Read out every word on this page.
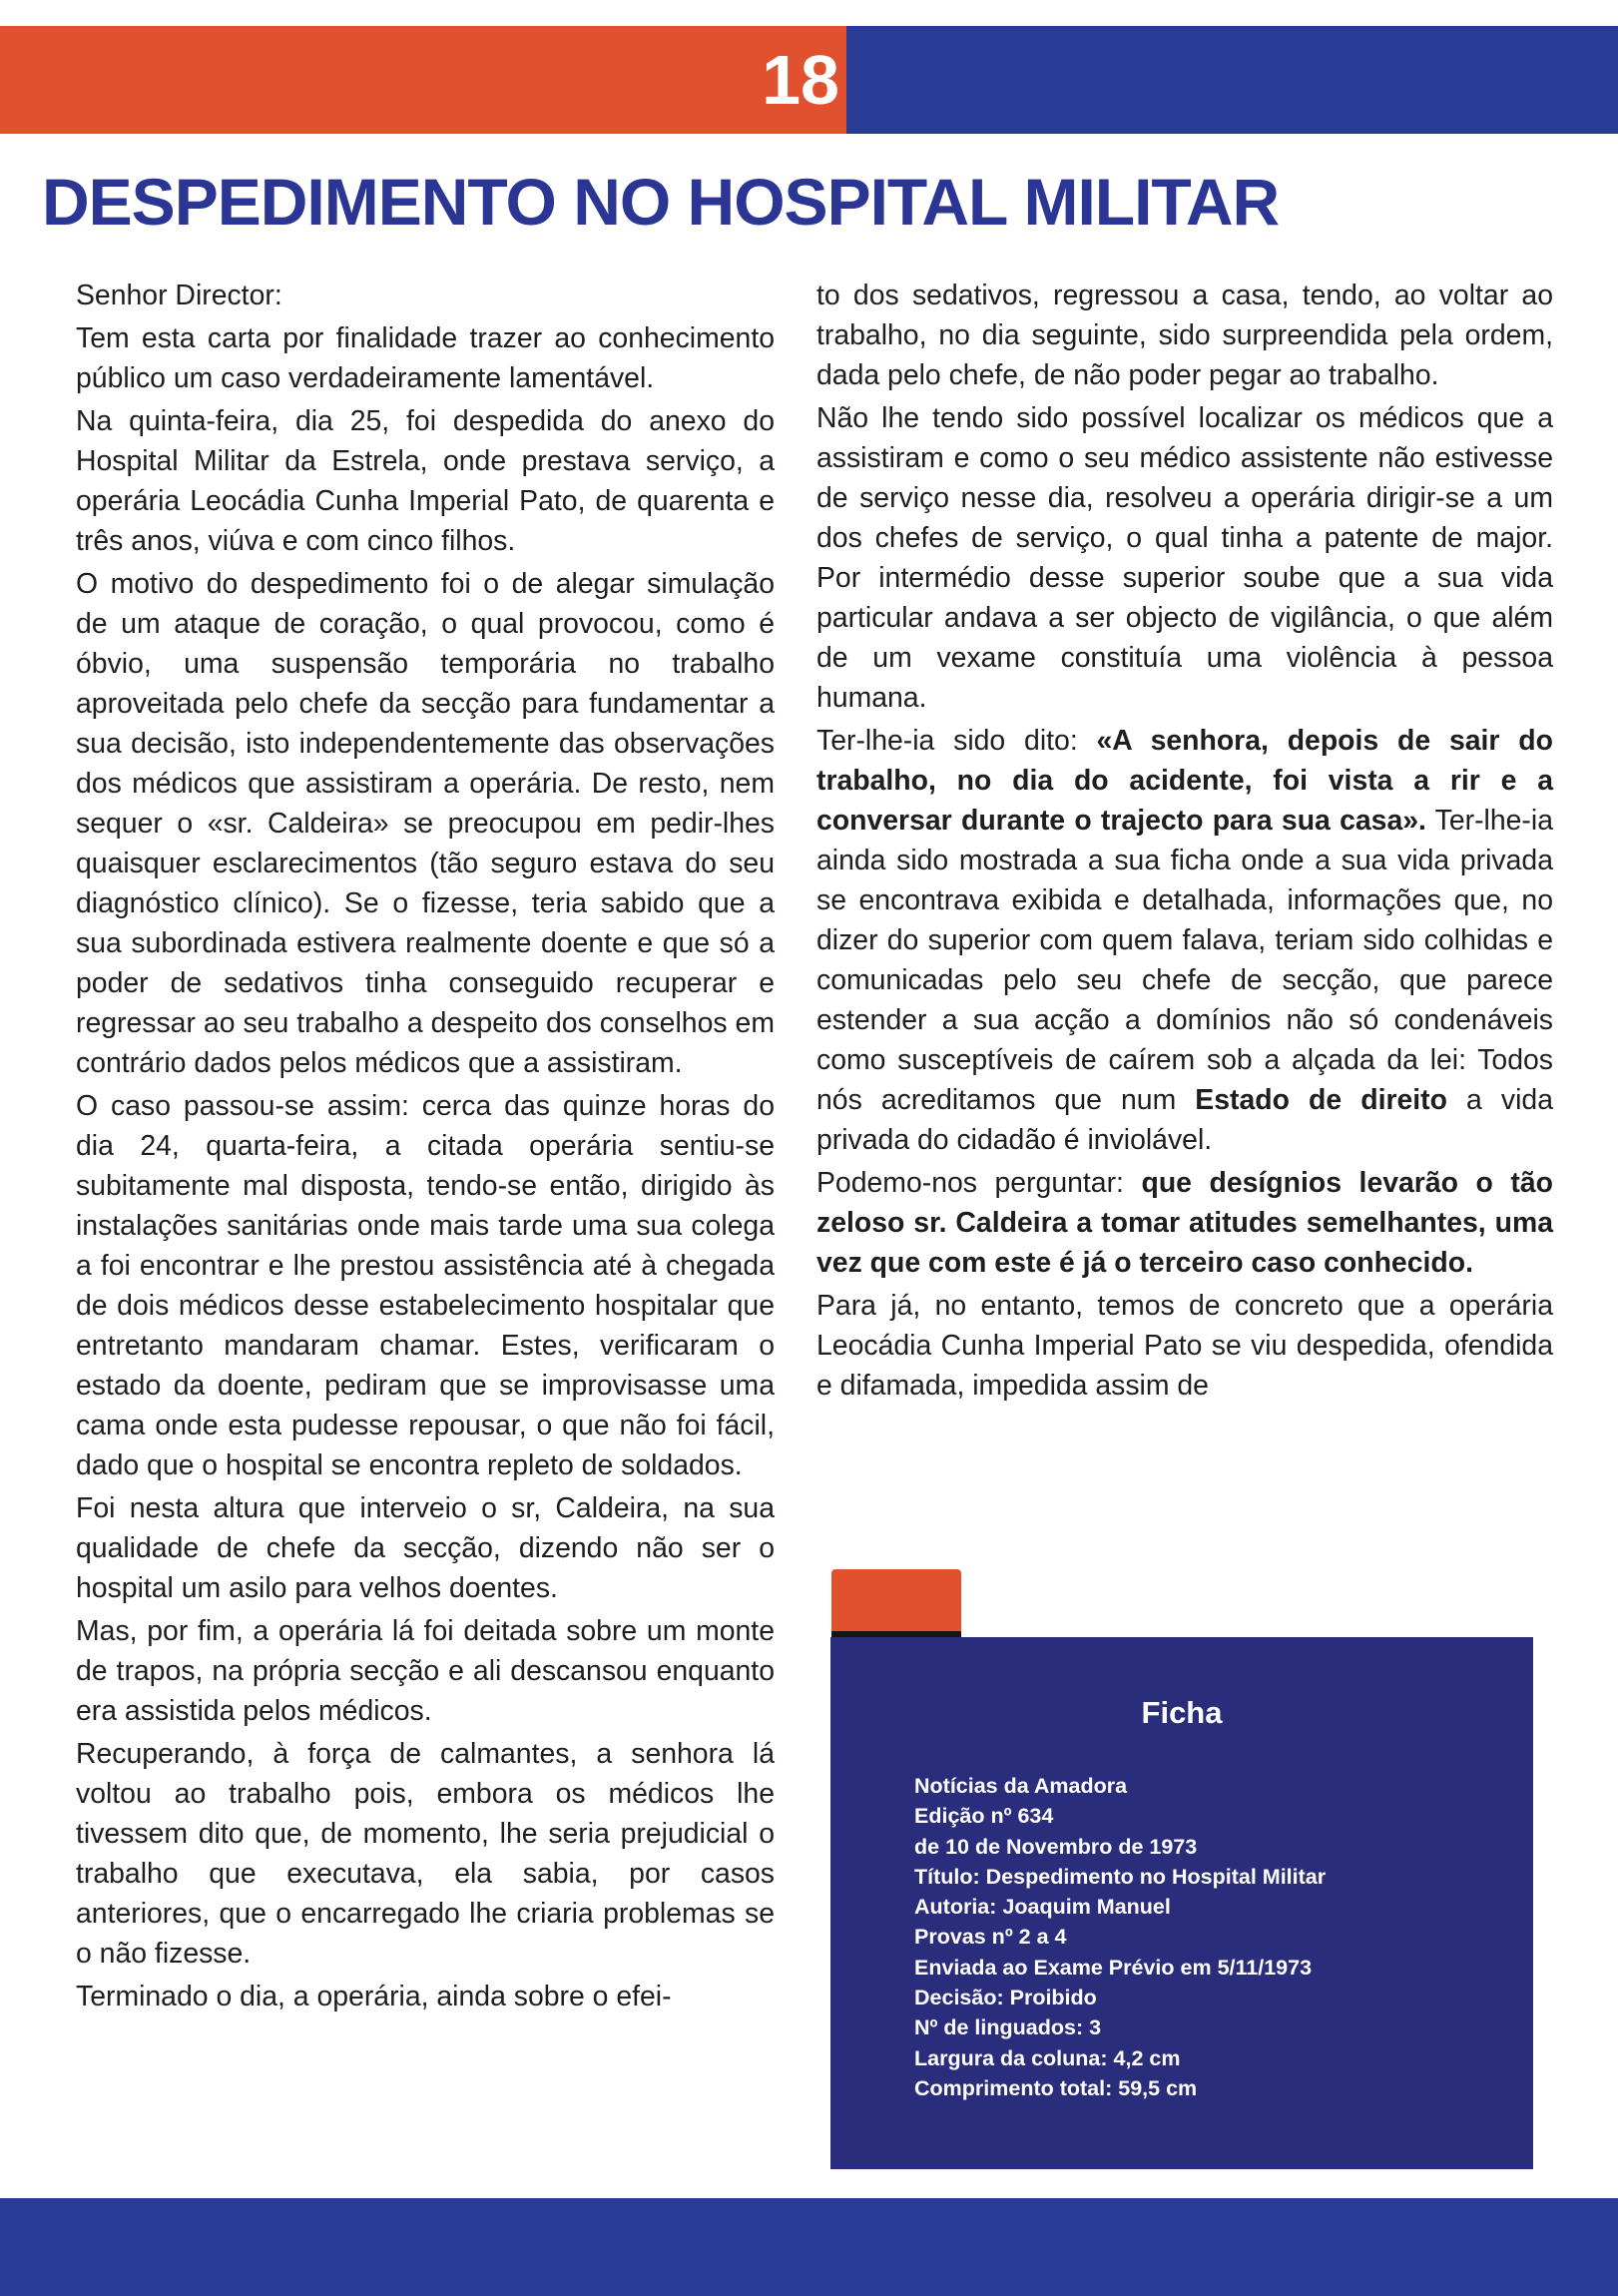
18
DESPEDIMENTO NO HOSPITAL MILITAR

Senhor Director:

Tem esta carta por finalidade trazer ao conhecimento público um caso verdadeiramente lamentável.

Na quinta-feira, dia 25, foi despedida do anexo do Hospital Militar da Estrela, onde prestava serviço, a operária Leocádia Cunha Imperial Pato, de quarenta e três anos, viúva e com cinco filhos.

O motivo do despedimento foi o de alegar simulação de um ataque de coração, o qual provocou, como é óbvio, uma suspensão temporária no trabalho aproveitada pelo chefe da secção para fundamentar a sua decisão, isto independentemente das observações dos médicos que assistiram a operária. De resto, nem sequer o «sr. Caldeira» se preocupou em pedir-lhes quaisquer esclarecimentos (tão seguro estava do seu diagnóstico clínico). Se o fizesse, teria sabido que a sua subordinada estivera realmente doente e que só a poder de sedativos tinha conseguido recuperar e regressar ao seu trabalho a despeito dos conselhos em contrário dados pelos médicos que a assistiram.

O caso passou-se assim: cerca das quinze horas do dia 24, quarta-feira, a citada operária sentiu-se subitamente mal disposta, tendo-se então, dirigido às instalações sanitárias onde mais tarde uma sua colega a foi encontrar e lhe prestou assistência até à chegada de dois médicos desse estabelecimento hospitalar que entretanto mandaram chamar. Estes, verificaram o estado da doente, pediram que se improvisasse uma cama onde esta pudesse repousar, o que não foi fácil, dado que o hospital se encontra repleto de soldados.

Foi nesta altura que interveio o sr, Caldeira, na sua qualidade de chefe da secção, dizendo não ser o hospital um asilo para velhos doentes.

Mas, por fim, a operária lá foi deitada sobre um monte de trapos, na própria secção e ali descansou enquanto era assistida pelos médicos.

Recuperando, à força de calmantes, a senhora lá voltou ao trabalho pois, embora os médicos lhe tivessem dito que, de momento, lhe seria prejudicial o trabalho que executava, ela sabia, por casos anteriores, que o encarregado lhe criaria problemas se o não fizesse.

Terminado o dia, a operária, ainda sobre o efei-

to dos sedativos, regressou a casa, tendo, ao voltar ao trabalho, no dia seguinte, sido surpreendida pela ordem, dada pelo chefe, de não poder pegar ao trabalho.

Não lhe tendo sido possível localizar os médicos que a assistiram e como o seu médico assistente não estivesse de serviço nesse dia, resolveu a operária dirigir-se a um dos chefes de serviço, o qual tinha a patente de major. Por intermédio desse superior soube que a sua vida particular andava a ser objecto de vigilância, o que além de um vexame constituía uma violência à pessoa humana.

Ter-lhe-ia sido dito: «A senhora, depois de sair do trabalho, no dia do acidente, foi vista a rir e a conversar durante o trajecto para sua casa». Ter-lhe-ia ainda sido mostrada a sua ficha onde a sua vida privada se encontrava exibida e detalhada, informações que, no dizer do superior com quem falava, teriam sido colhidas e comunicadas pelo seu chefe de secção, que parece estender a sua acção a domínios não só condenáveis como susceptíveis de caírem sob a alçada da lei: Todos nós acreditamos que num Estado de direito a vida privada do cidadão é inviolável.

Podemo-nos perguntar: que desígnios levarão o tão zeloso sr. Caldeira a tomar atitudes semelhantes, uma vez que com este é já o terceiro caso conhecido.

Para já, no entanto, temos de concreto que a operária Leocádia Cunha Imperial Pato se viu despedida, ofendida e difamada, impedida assim de

Ficha
Notícias da Amadora
Edição nº 634
de 10 de Novembro de 1973
Título: Despedimento no Hospital Militar
Autoria: Joaquim Manuel
Provas nº 2 a 4
Enviada ao Exame Prévio em 5/11/1973
Decisão: Proibido
Nº de linguados: 3
Largura da coluna: 4,2 cm
Comprimento total: 59,5 cm
